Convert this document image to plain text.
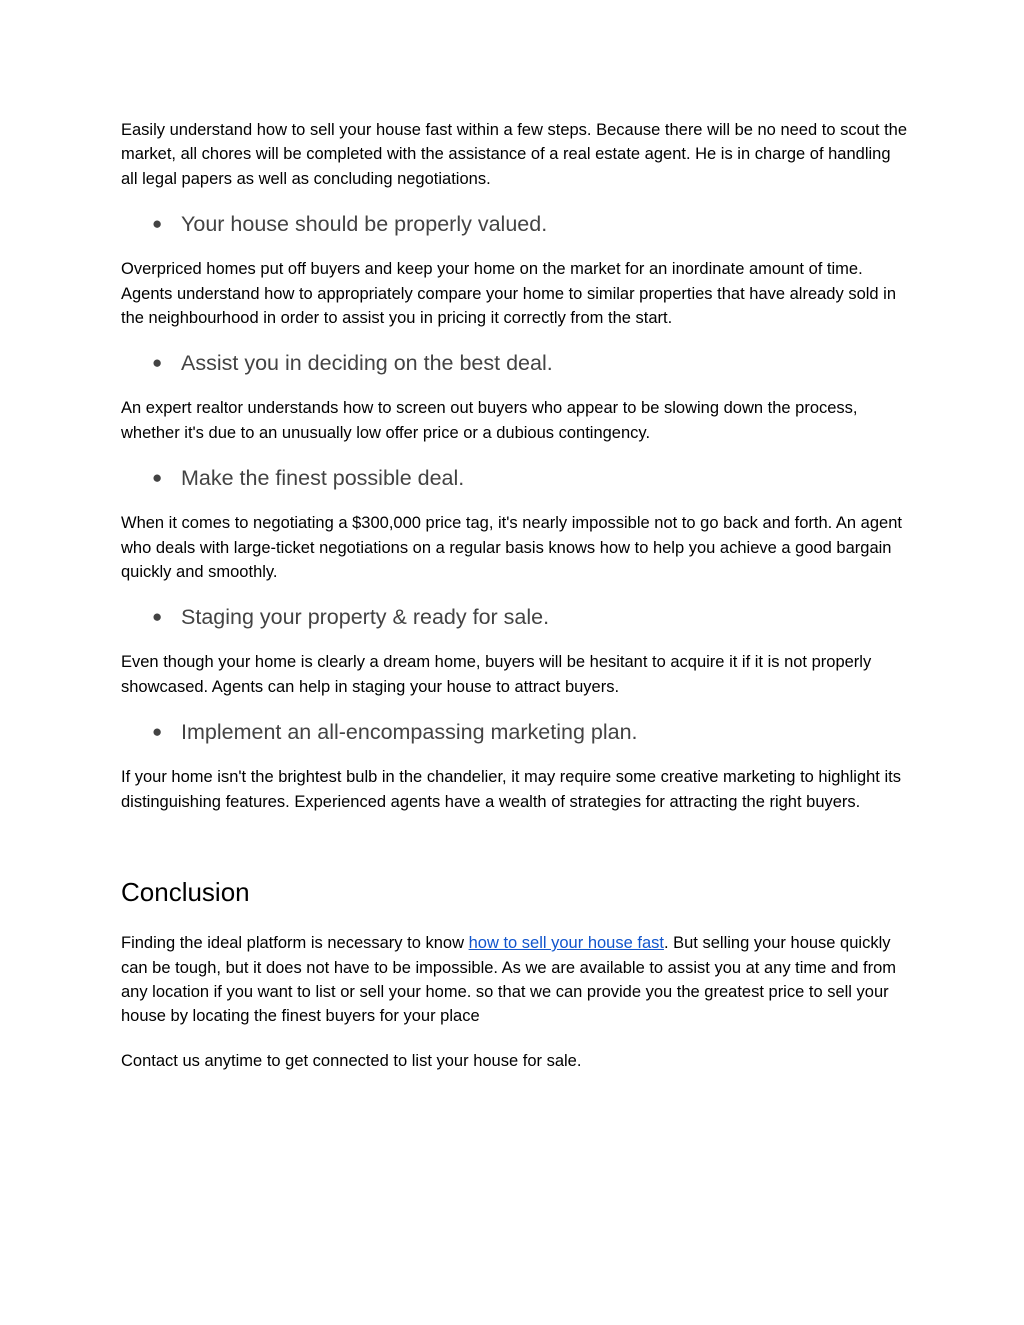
Easily understand how to sell your house fast within a few steps. Because there will be no need to scout the market, all chores will be completed with the assistance of a real estate agent. He is in charge of handling all legal papers as well as concluding negotiations.

● Your house should be properly valued.

Overpriced homes put off buyers and keep your home on the market for an inordinate amount of time. Agents understand how to appropriately compare your home to similar properties that have already sold in the neighbourhood in order to assist you in pricing it correctly from the start.

● Assist you in deciding on the best deal.

An expert realtor understands how to screen out buyers who appear to be slowing down the process, whether it's due to an unusually low offer price or a dubious contingency.

● Make the finest possible deal.

When it comes to negotiating a $300,000 price tag, it's nearly impossible not to go back and forth. An agent who deals with large-ticket negotiations on a regular basis knows how to help you achieve a good bargain quickly and smoothly.

● Staging your property & ready for sale.

Even though your home is clearly a dream home, buyers will be hesitant to acquire it if it is not properly showcased. Agents can help in staging your house to attract buyers.

● Implement an all-encompassing marketing plan.

If your home isn't the brightest bulb in the chandelier, it may require some creative marketing to highlight its distinguishing features. Experienced agents have a wealth of strategies for attracting the right buyers.

Conclusion

Finding the ideal platform is necessary to know how to sell your house fast. But selling your house quickly can be tough, but it does not have to be impossible. As we are available to assist you at any time and from any location if you want to list or sell your home. so that we can provide you the greatest price to sell your house by locating the finest buyers for your place

Contact us anytime to get connected to list your house for sale.
